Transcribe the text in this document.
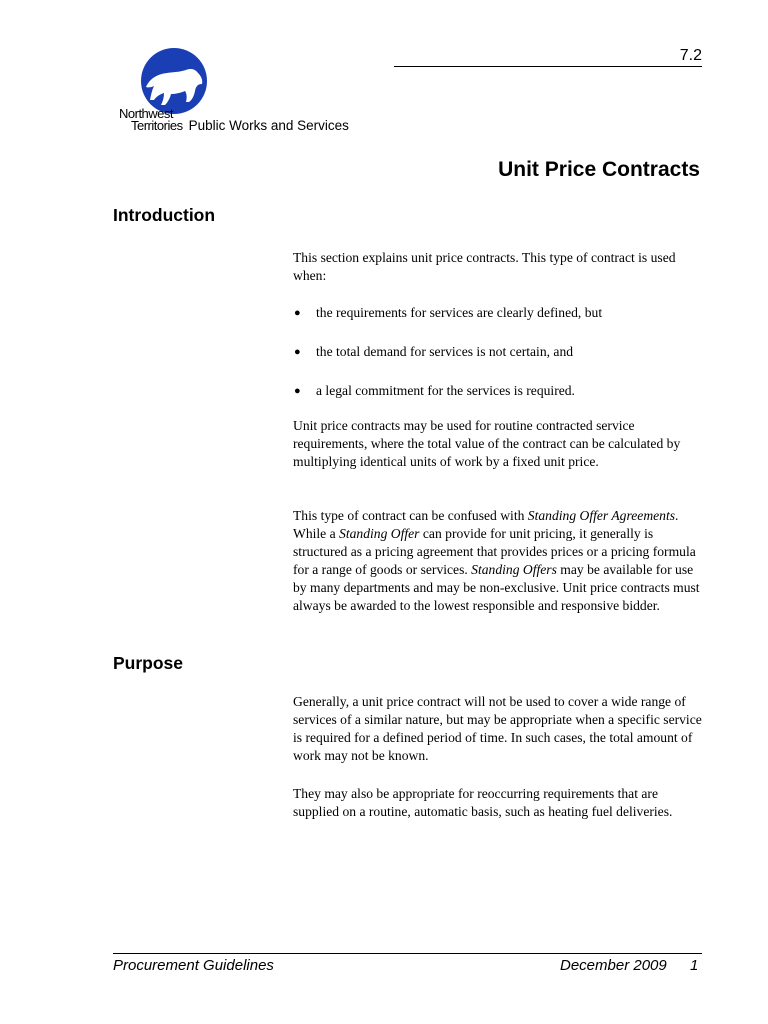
7.2
Northwest
Territories Public Works and Services
Unit Price Contracts
Introduction

This section explains unit price contracts. This type of contract is used when:

● the requirements for services are clearly defined, but
● the total demand for services is not certain, and
● a legal commitment for the services is required.

Unit price contracts may be used for routine contracted service requirements, where the total value of the contract can be calculated by multiplying identical units of work by a fixed unit price.

This type of contract can be confused with Standing Offer Agreements. While a Standing Offer can provide for unit pricing, it generally is structured as a pricing agreement that provides prices or a pricing formula for a range of goods or services. Standing Offers may be available for use by many departments and may be non-exclusive. Unit price contracts must always be awarded to the lowest responsible and responsive bidder.

Purpose

Generally, a unit price contract will not be used to cover a wide range of services of a similar nature, but may be appropriate when a specific service is required for a defined period of time. In such cases, the total amount of work may not be known.

They may also be appropriate for reoccurring requirements that are supplied on a routine, automatic basis, such as heating fuel deliveries.

Procurement Guidelines	December 2009 1
